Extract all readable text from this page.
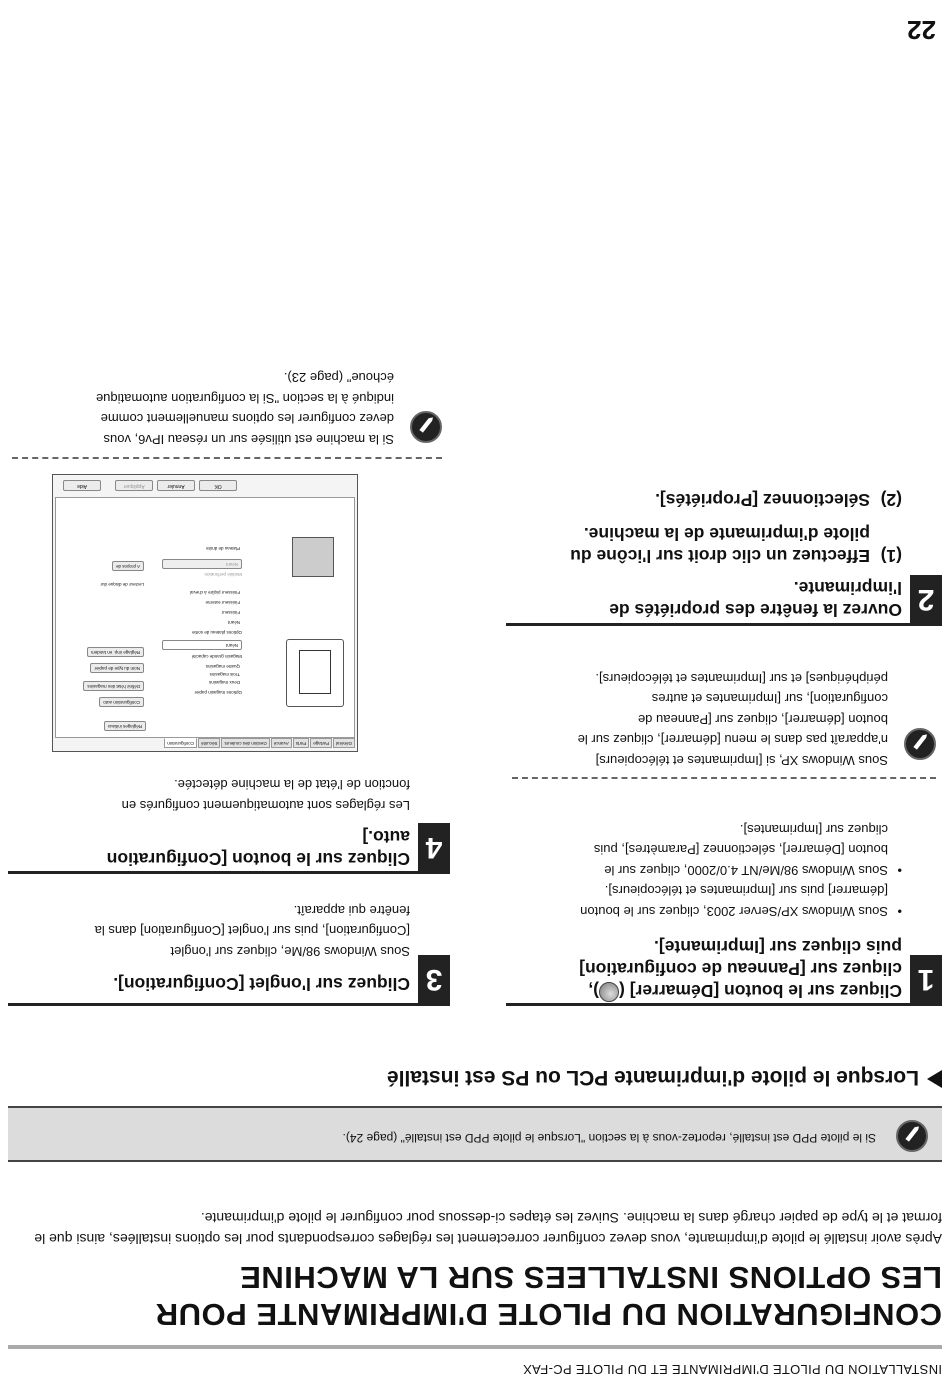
INSTALLATION DU PILOTE D'IMPRIMANTE ET DU PILOTE PC-FAX
CONFIGURATION DU PILOTE D'IMPRIMANTE POUR
LES OPTIONS INSTALLEES SUR LA MACHINE
Après avoir installé le pilote d'imprimante, vous devez configurer correctement les réglages correspondants pour les options installées, ainsi que le format et le type de papier chargé dans la machine. Suivez les étapes ci-dessous pour configurer le pilote d'imprimante.
Si le pilote PPD est installé, reportez-vous à la section "Lorsque le pilote PPD est installé" (page 24).
Lorsque le pilote d'imprimante PCL ou PS est installé
1
Cliquez sur le bouton [Démarrer] (),
cliquez sur [Panneau de configuration]
puis cliquez sur [Imprimante].
•
Sous Windows XP/Server 2003, cliquez sur le bouton
[démarrer] puis sur [Imprimantes et télécopieurs].
•
Sous Windows 98/Me/NT 4.0/2000, cliquez sur le
bouton [Démarrer], sélectionnez [Paramètres], puis
cliquez sur [Imprimantes].
Sous Windows XP, si [Imprimantes et télécopieurs]
n'apparaît pas dans le menu [démarrer], cliquez sur le
bouton [démarrer], cliquez sur [Panneau de
configuration], sur [Imprimantes et autres
périphériques] et sur [Imprimantes et télécopieurs].
2
Ouvrez la fenêtre des propriétés de
l'imprimante.
(1)
Effectuez un clic droit sur l'icône du
pilote d'imprimante de la machine.
(2)
Sélectionnez [Propriétés].
3
Cliquez sur l'onglet [Configuration].
Sous Windows 98/Me, cliquez sur l'onglet
[Configuration], puis sur l'onglet [Configuration] dans la
fenêtre qui apparaît.
4
Cliquez sur le bouton [Configuration
auto.]
Les réglages sont automatiquement configurés en
fonction de l'état de la machine détectée.
Général
Partage
Ports
Avancé
Gestion des couleurs
Sécurité
Configuration
Réglages initiaux
Configuration auto
Définir l'état des magasins
Nom du type de papier
Réglage imp. en tandem
Options magasin papier
Deux magasins
Trois magasins
Quatre magasins
Magasin grande capacité
Néant
Options plateau de sortie
Néant
Finisseur
Finisseur externe
Finisseur piqûre à cheval
Module perforation
Néant
Plateau de droite
Lecteur de disque dur
A propos de
OK
Annuler
Appliquer
Aide
Si la machine est utilisée sur un réseau IPv6, vous
devez configurer les options manuellement comme
indiqué à la section "Si la configuration automatique
échoue" (page 23).
22
